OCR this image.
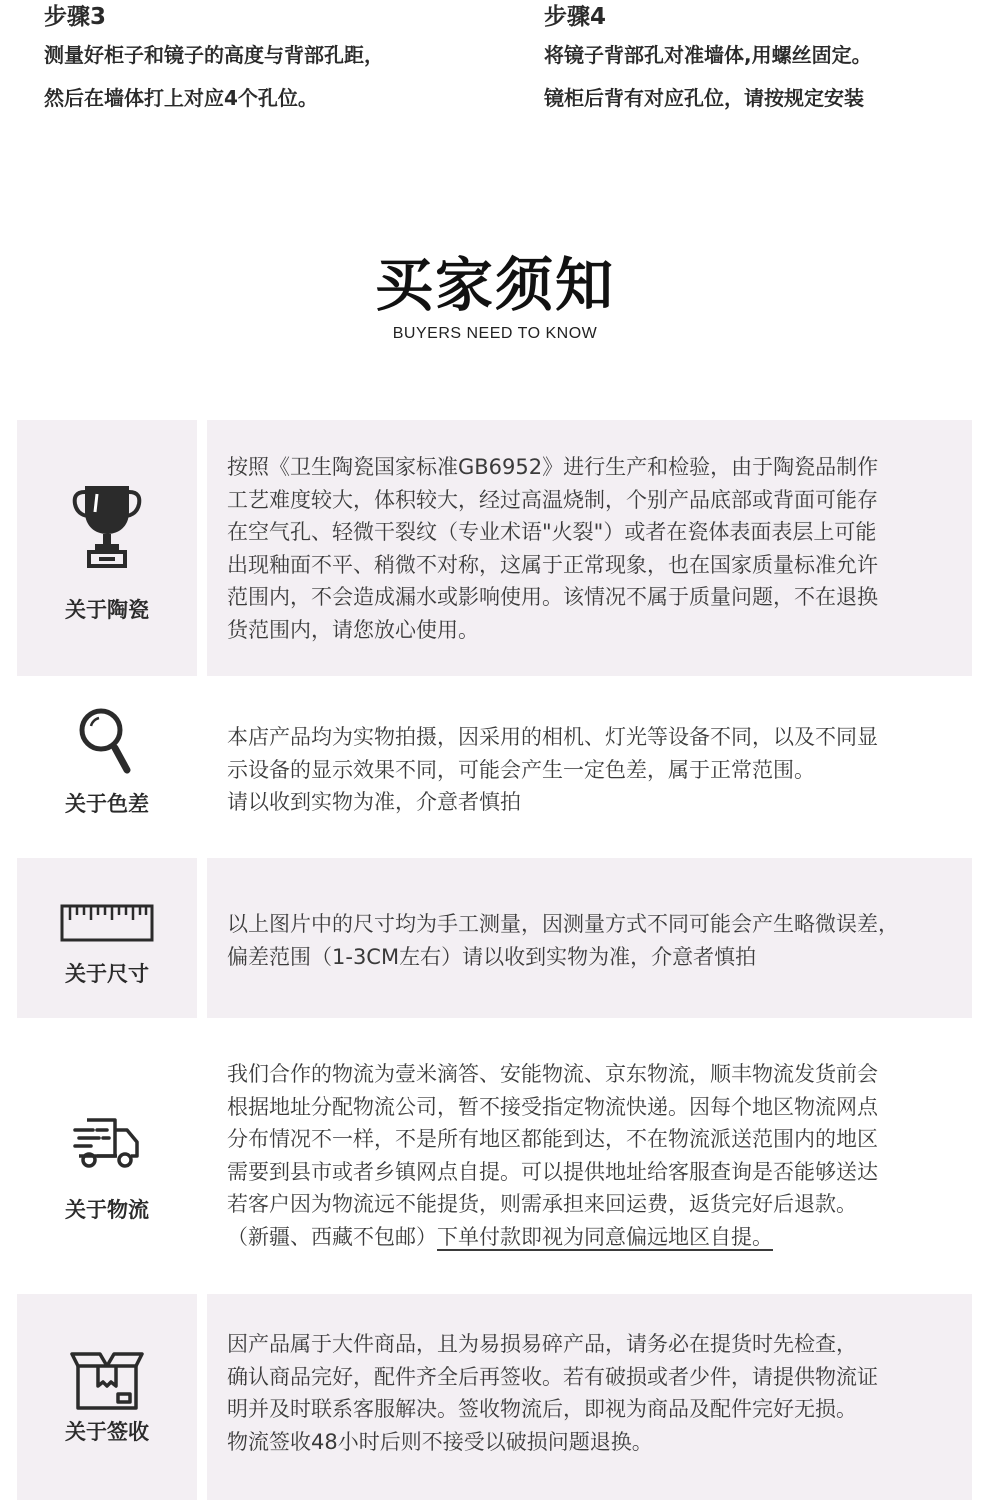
步骤3
测量好柜子和镜子的高度与背部孔距，
然后在墙体打上对应4个孔位。
步骤4
将镜子背部孔对准墙体,用螺丝固定。
镜柜后背有对应孔位，请按规定安装
买家须知
BUYERS NEED TO KNOW
关于陶瓷
按照《卫生陶瓷国家标准GB6952》进行生产和检验，由于陶瓷品制作
工艺难度较大，体积较大，经过高温烧制，个别产品底部或背面可能存
在空气孔、轻微干裂纹（专业术语"火裂"）或者在瓷体表面表层上可能
出现釉面不平、稍微不对称，这属于正常现象，也在国家质量标准允许
范围内，不会造成漏水或影响使用。该情况不属于质量问题，不在退换
货范围内，请您放心使用。
关于色差
本店产品均为实物拍摄，因采用的相机、灯光等设备不同，以及不同显
示设备的显示效果不同，可能会产生一定色差，属于正常范围。
请以收到实物为准，介意者慎拍
关于尺寸
以上图片中的尺寸均为手工测量，因测量方式不同可能会产生略微误差，
偏差范围（1-3CM左右）请以收到实物为准，介意者慎拍
关于物流
我们合作的物流为壹米滴答、安能物流、京东物流，顺丰物流发货前会
根据地址分配物流公司，暂不接受指定物流快递。因每个地区物流网点
分布情况不一样，不是所有地区都能到达，不在物流派送范围内的地区
需要到县市或者乡镇网点自提。可以提供地址给客服查询是否能够送达
若客户因为物流远不能提货，则需承担来回运费，返货完好后退款。
（新疆、西藏不包邮）下单付款即视为同意偏远地区自提。
关于签收
因产品属于大件商品，且为易损易碎产品，请务必在提货时先检查，
确认商品完好，配件齐全后再签收。若有破损或者少件，请提供物流证
明并及时联系客服解决。签收物流后，即视为商品及配件完好无损。
物流签收48小时后则不接受以破损问题退换。
